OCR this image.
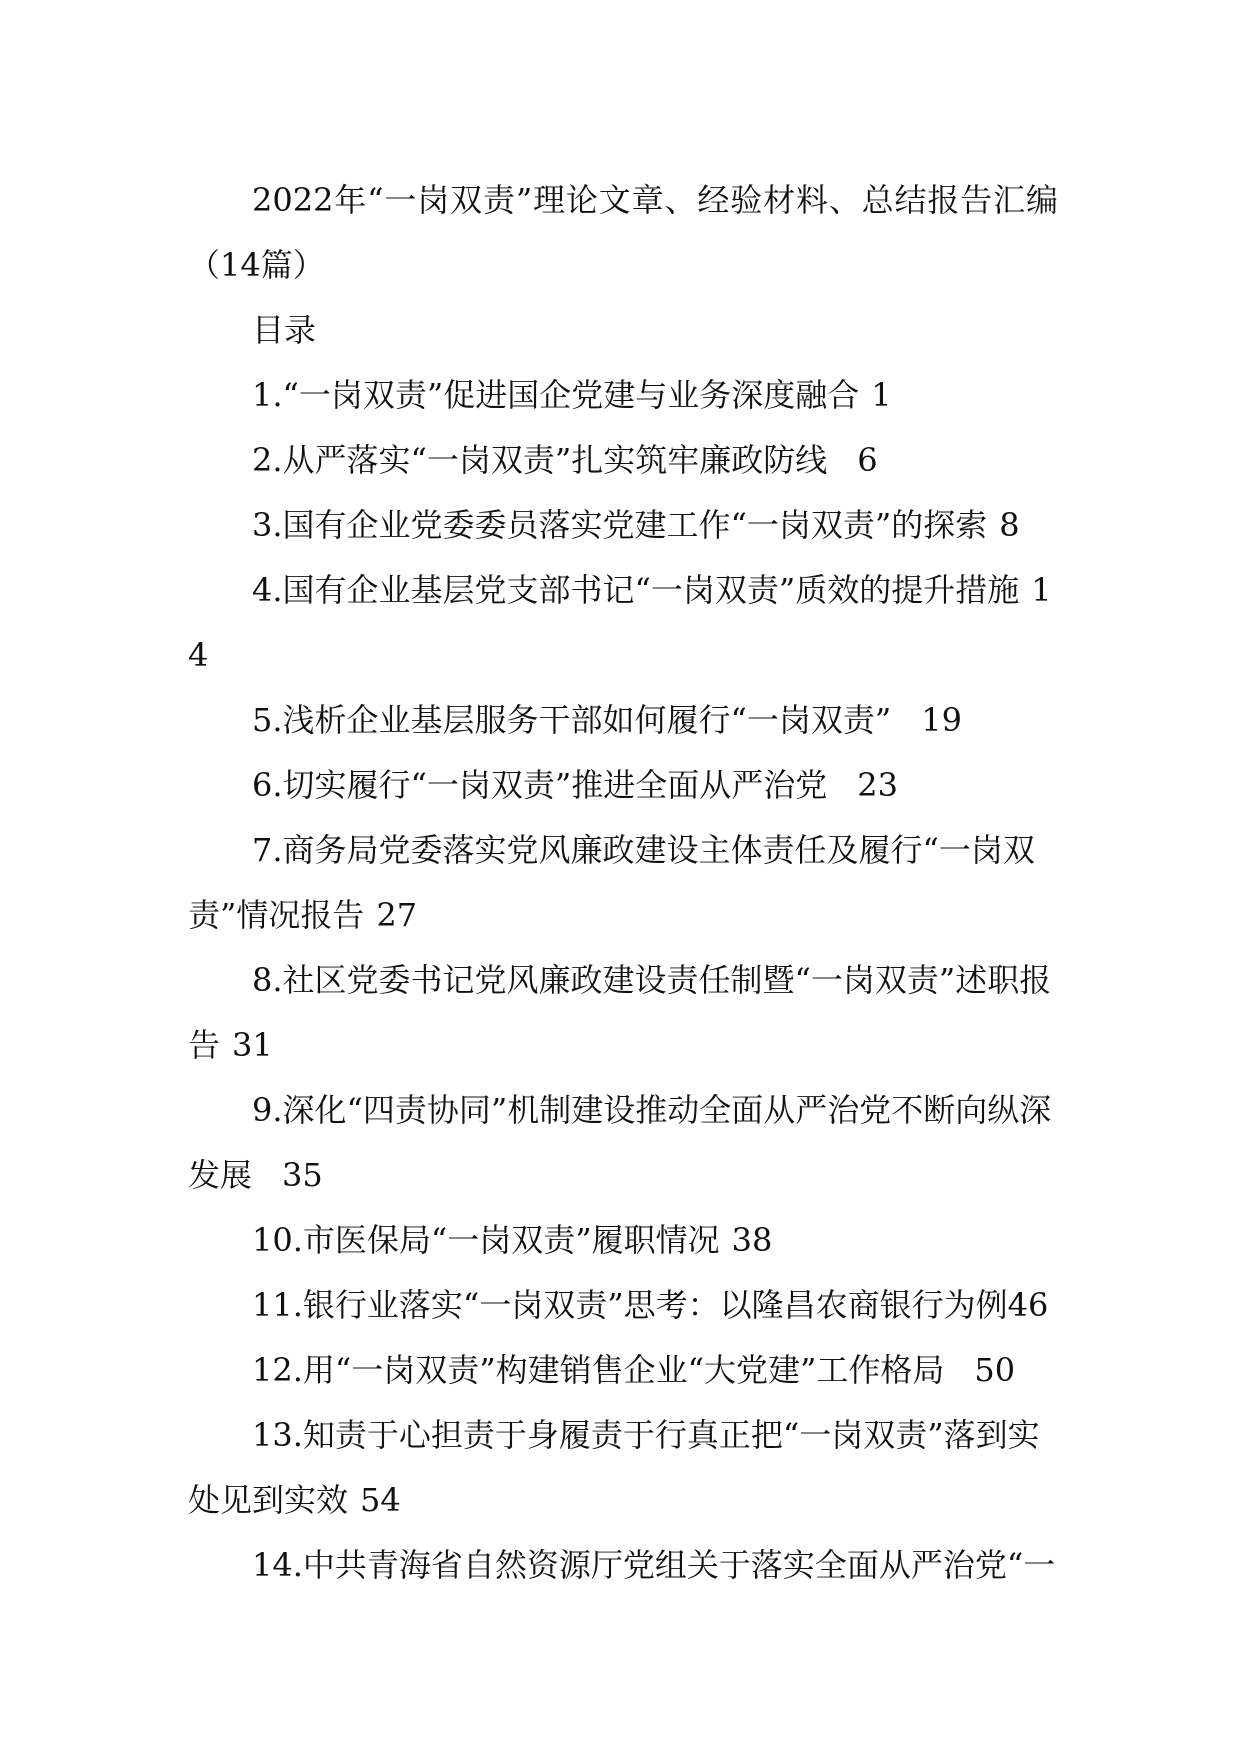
2022年“一岗双责”理论文章、经验材料、总结报告汇编（14篇）

目录

1.“一岗双责”促进国企党建与业务深度融合 1

2.从严落实“一岗双责”扎实筑牢廉政防线 6

3.国有企业党委委员落实党建工作“一岗双责”的探索 8

4.国有企业基层党支部书记“一岗双责”质效的提升措施 14

5.浅析企业基层服务干部如何履行“一岗双责” 19

6.切实履行“一岗双责”推进全面从严治党 23

7.商务局党委落实党风廉政建设主体责任及履行“一岗双责”情况报告 27

8.社区党委书记党风廉政建设责任制暨“一岗双责”述职报告 31

9.深化“四责协同”机制建设推动全面从严治党不断向纵深发展 35

10.市医保局“一岗双责”履职情况 38

11.银行业落实“一岗双责”思考：以隆昌农商银行为例46

12.用“一岗双责”构建销售企业“大党建”工作格局 50

13.知责于心担责于身履责于行真正把“一岗双责”落到实处见到实效 54

14.中共青海省自然资源厅党组关于落实全面从严治党“一
